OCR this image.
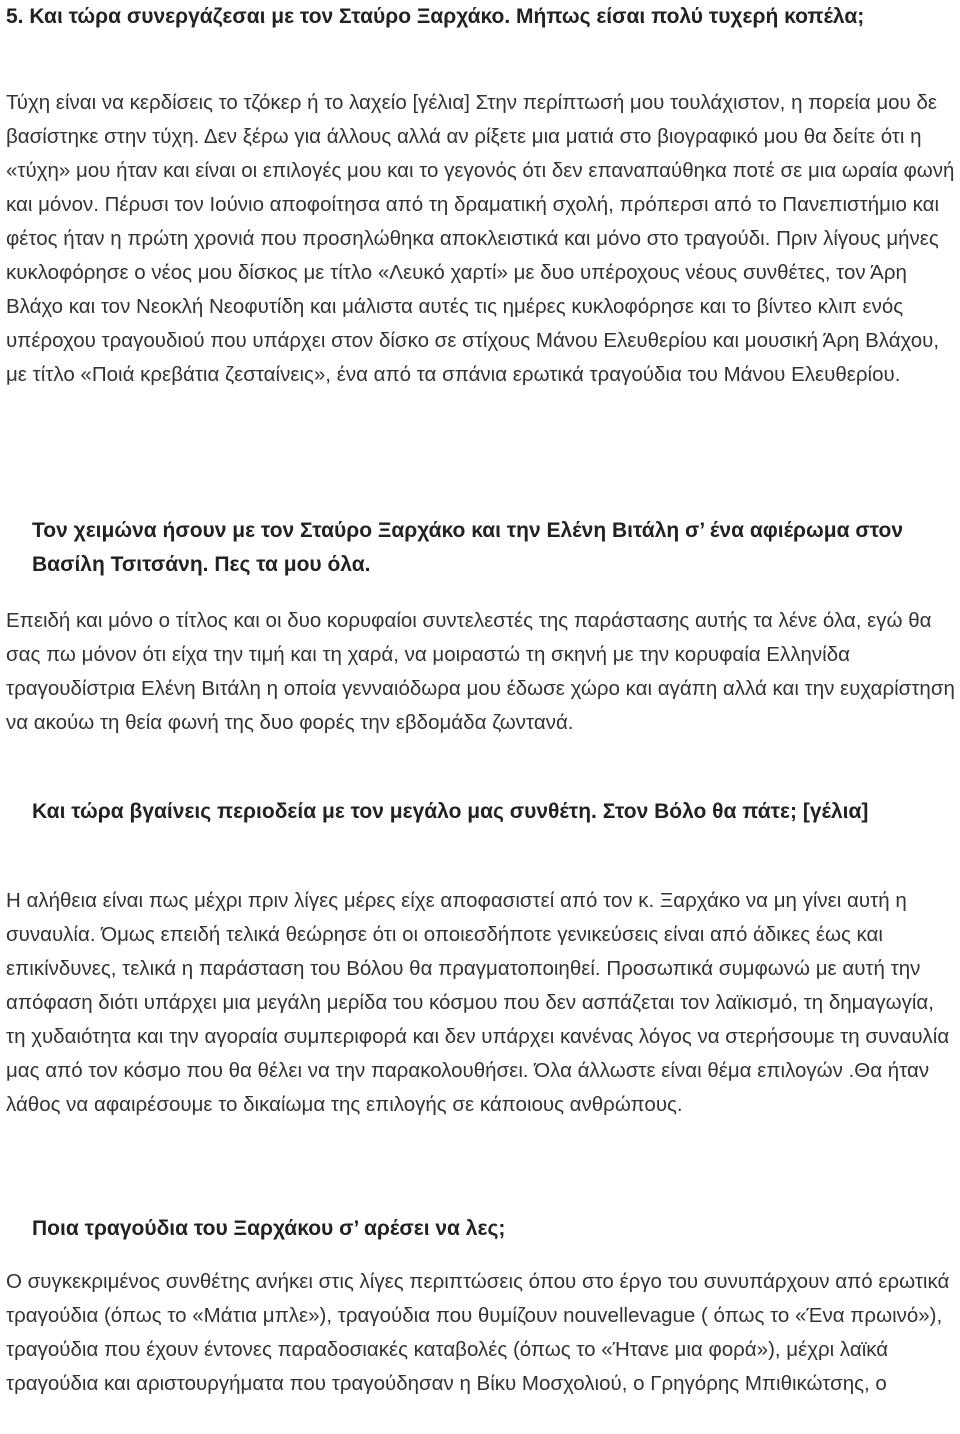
5. Και τώρα συνεργάζεσαι με τον Σταύρο Ξαρχάκο. Μήπως είσαι πολύ τυχερή κοπέλα;

Τύχη είναι να κερδίσεις το τζόκερ ή το λαχείο [γέλια] Στην περίπτωσή μου τουλάχιστον, η πορεία μου δε βασίστηκε στην τύχη. Δεν ξέρω για άλλους αλλά αν ρίξετε μια ματιά στο βιογραφικό μου θα δείτε ότι η «τύχη» μου ήταν και είναι οι επιλογές μου και το γεγονός ότι δεν επαναπαύθηκα ποτέ σε μια ωραία φωνή και μόνον. Πέρυσι τον Ιούνιο αποφοίτησα από τη δραματική σχολή, πρόπερσι από το Πανεπιστήμιο και φέτος ήταν η πρώτη χρονιά που προσηλώθηκα αποκλειστικά και μόνο στο τραγούδι. Πριν λίγους μήνες κυκλοφόρησε ο νέος μου δίσκος με τίτλο «Λευκό χαρτί» με δυο υπέροχους νέους συνθέτες, τον Άρη Βλάχο και τον Νεοκλή Νεοφυτίδη και μάλιστα αυτές τις ημέρες κυκλοφόρησε και το βίντεο κλιπ ενός υπέροχου τραγουδιού που υπάρχει στον δίσκο σε στίχους Μάνου Ελευθερίου και μουσική Άρη Βλάχου, με τίτλο «Ποιά κρεβάτια ζεσταίνεις», ένα από τα σπάνια ερωτικά τραγούδια του Μάνου Ελευθερίου.

Τον χειμώνα ήσουν με τον Σταύρο Ξαρχάκο και την Ελένη Βιτάλη σ’ ένα αφιέρωμα στον Βασίλη Τσιτσάνη. Πες τα μου όλα.

Επειδή και μόνο ο τίτλος και οι δυο κορυφαίοι συντελεστές της παράστασης αυτής τα λένε όλα, εγώ θα σας πω μόνον ότι είχα την τιμή και τη χαρά, να μοιραστώ τη σκηνή με την κορυφαία Ελληνίδα τραγουδίστρια Ελένη Βιτάλη η οποία γενναιόδωρα μου έδωσε χώρο και αγάπη αλλά και την ευχαρίστηση να ακούω τη θεία φωνή της δυο φορές την εβδομάδα ζωντανά.

Και τώρα βγαίνεις περιοδεία με τον μεγάλο μας συνθέτη. Στον Βόλο θα πάτε; [γέλια]

Η αλήθεια είναι πως μέχρι πριν λίγες μέρες είχε αποφασιστεί από τον κ. Ξαρχάκο να μη γίνει αυτή η συναυλία. Όμως επειδή τελικά θεώρησε ότι οι οποιεσδήποτε γενικεύσεις είναι από άδικες έως και επικίνδυνες, τελικά η παράσταση του Βόλου θα πραγματοποιηθεί. Προσωπικά συμφωνώ με αυτή την απόφαση διότι υπάρχει μια μεγάλη μερίδα του κόσμου που δεν ασπάζεται τον λαϊκισμό, τη δημαγωγία, τη χυδαιότητα και την αγοραία συμπεριφορά και δεν υπάρχει κανένας λόγος να στερήσουμε τη συναυλία μας από τον κόσμο που θα θέλει να την παρακολουθήσει. Όλα άλλωστε είναι θέμα επιλογών .Θα ήταν λάθος να αφαιρέσουμε το δικαίωμα της επιλογής σε κάποιους ανθρώπους.

Ποια τραγούδια του Ξαρχάκου σ’ αρέσει να λες;

Ο συγκεκριμένος συνθέτης ανήκει στις λίγες περιπτώσεις όπου στο έργο του συνυπάρχουν από ερωτικά τραγούδια (όπως το «Μάτια μπλε»), τραγούδια που θυμίζουν nouvellevague ( όπως το «Ένα πρωινό»), τραγούδια που έχουν έντονες παραδοσιακές καταβολές (όπως το «Ήτανε μια φορά»), μέχρι λαϊκά τραγούδια και αριστουργήματα που τραγούδησαν η Βίκυ Μοσχολιού, ο Γρηγόρης Μπιθικώτσης, ο
